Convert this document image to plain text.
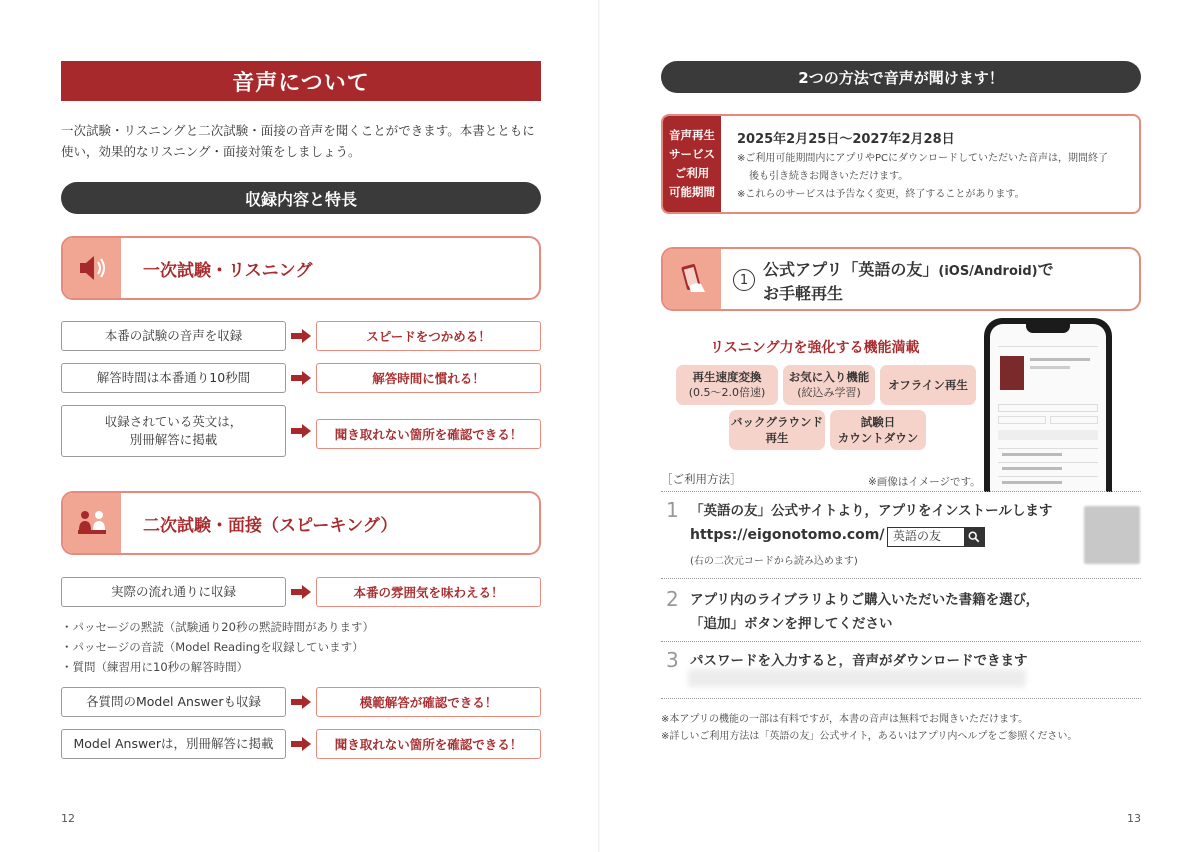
音声について

一次試験・リスニングと二次試験・面接の音声を聞くことができます。本書とともに使い，効果的なリスニング・面接対策をしましょう。

収録内容と特長
一次試験・リスニング
本番の試験の音声を収録	スピードをつかめる！
解答時間は本番通り10秒間	解答時間に慣れる！
収録されている英文は，
別冊解答に掲載	聞き取れない箇所を確認できる！
二次試験・面接（スピーキング）
実際の流れ通りに収録	本番の雰囲気を味わえる！
・パッセージの黙読（試験通り20秒の黙読時間があります）
・パッセージの音読（Model Readingを収録しています）
・質問（練習用に10秒の解答時間）
各質問のModel Answerも収録	模範解答が確認できる！
Model Answerは，別冊解答に掲載	聞き取れない箇所を確認できる！
12
2つの方法で音声が聞けます！
音声再生
サービス
ご利用
可能期間
2025年2月25日～2027年2月28日
※ご利用可能期間内にアプリやPCにダウンロードしていただいた音声は，期間終了
後も引き続きお聞きいただけます。
※これらのサービスは予告なく変更，終了することがあります。
1
公式アプリ「英語の友」(iOS/Android)で
お手軽再生
リスニング力を強化する機能満載
再生速度変換
(0.5～2.0倍速)
お気に入り機能
(絞込み学習)
オフライン再生
バックグラウンド
再生
試験日
カウントダウン
［ご利用方法］	※画像はイメージです。
1 「英語の友」公式サイトより，アプリをインストールします
https://eigonotomo.com/ 英語の友
(右の二次元コードから読み込めます)
2 アプリ内のライブラリよりご購入いただいた書籍を選び，
「追加」ボタンを押してください
3 パスワードを入力すると，音声がダウンロードできます
※本アプリの機能の一部は有料ですが，本書の音声は無料でお聞きいただけます。
※詳しいご利用方法は「英語の友」公式サイト，あるいはアプリ内ヘルプをご参照ください。
13
